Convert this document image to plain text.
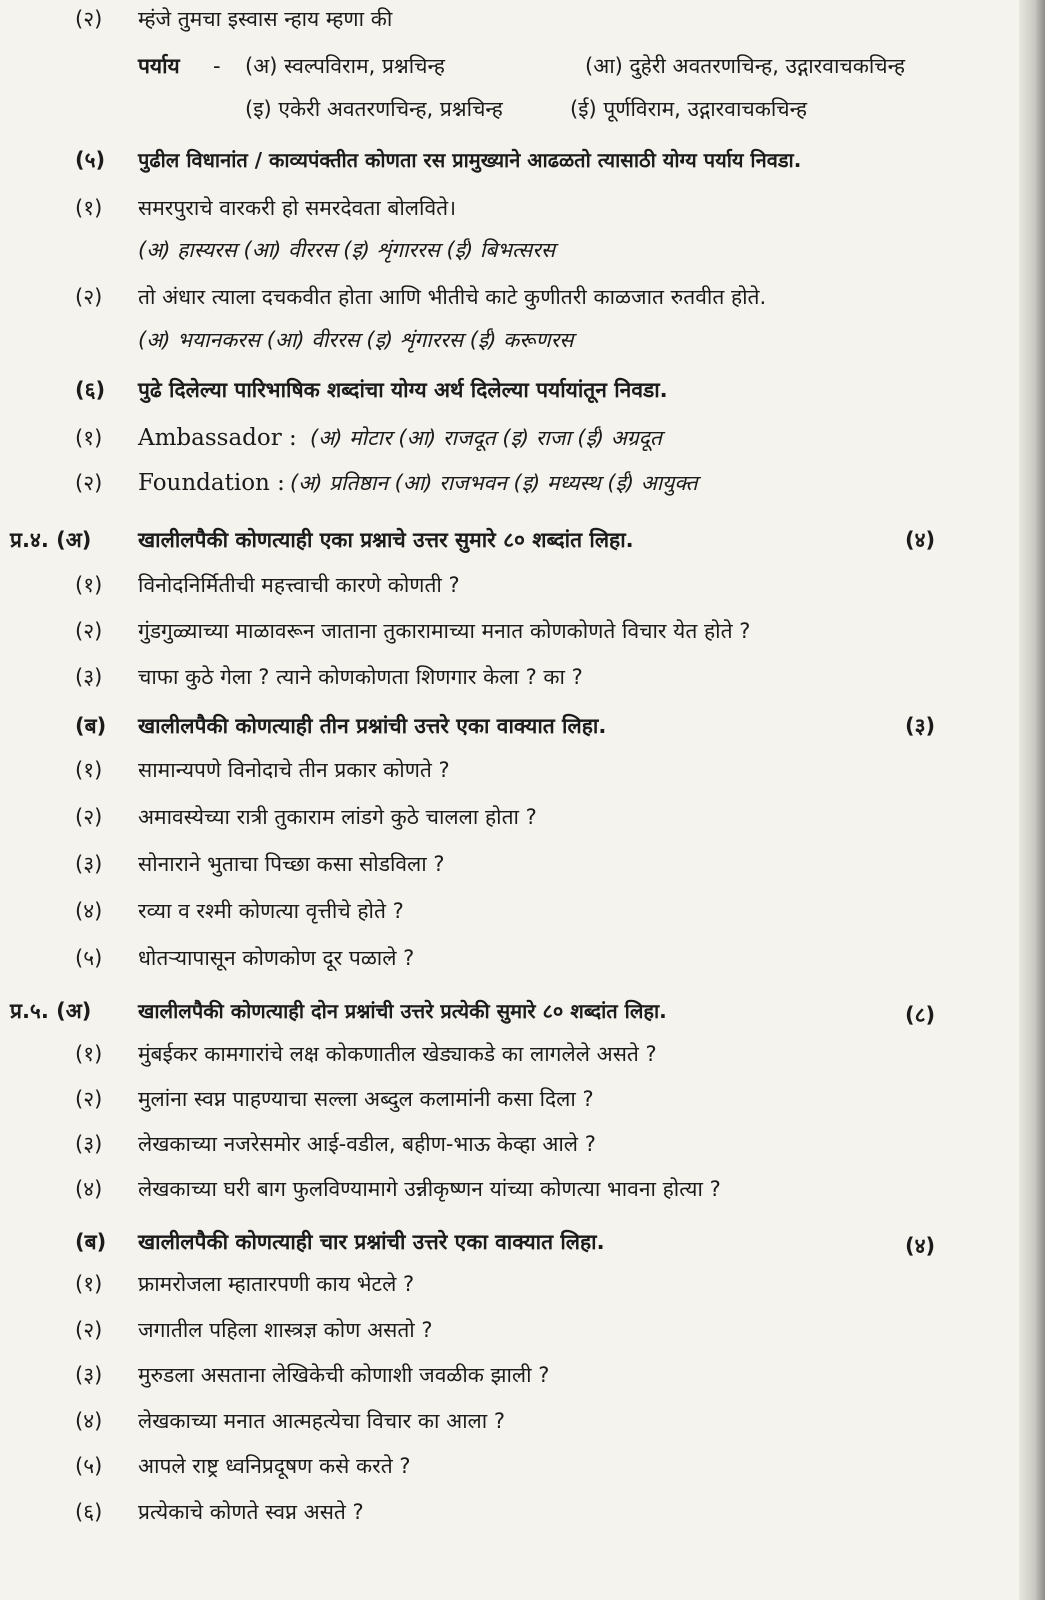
(२)	म्हंजे तुमचा इस्वास न्हाय म्हणा की
पर्याय - (अ) स्वल्पविराम, प्रश्नचिन्ह	(आ) दुहेरी अवतरणचिन्ह, उद्गारवाचकचिन्ह
(इ) एकेरी अवतरणचिन्ह, प्रश्नचिन्ह	(ई) पूर्णविराम, उद्गारवाचकचिन्ह
(५)	पुढील विधानांत / काव्यपंक्तीत कोणता रस प्रामुख्याने आढळतो त्यासाठी योग्य पर्याय निवडा.
(१)	समरपुराचे वारकरी हो समरदेवता बोलविते।
(अ) हास्यरस (आ) वीररस (इ) शृंगाररस (ई) बिभत्सरस
(२)	तो अंधार त्याला दचकवीत होता आणि भीतीचे काटे कुणीतरी काळजात रुतवीत होते.
(अ) भयानकरस (आ) वीररस (इ) शृंगाररस (ई) करूणरस
(६)	पुढे दिलेल्या पारिभाषिक शब्दांचा योग्य अर्थ दिलेल्या पर्यायांतून निवडा.
(१)	Ambassador : (अ) मोटार (आ) राजदूत (इ) राजा (ई) अग्रदूत
(२)	Foundation : (अ) प्रतिष्ठान (आ) राजभवन (इ) मध्यस्थ (ई) आयुक्त
प्र.४. (अ) खालीलपैकी कोणत्याही एका प्रश्नाचे उत्तर सुमारे ८० शब्दांत लिहा.	(४)
(१)	विनोदनिर्मितीची महत्त्वाची कारणे कोणती ?
(२)	गुंडगुळ्याच्या माळावरून जाताना तुकारामाच्या मनात कोणकोणते विचार येत होते ?
(३)	चाफा कुठे गेला ? त्याने कोणकोणता शिणगार केला ? का ?
(ब)	खालीलपैकी कोणत्याही तीन प्रश्नांची उत्तरे एका वाक्यात लिहा.	(३)
(१)	सामान्यपणे विनोदाचे तीन प्रकार कोणते ?
(२)	अमावस्येच्या रात्री तुकाराम लांडगे कुठे चालला होता ?
(३)	सोनाराने भुताचा पिच्छा कसा सोडविला ?
(४)	रव्या व रश्मी कोणत्या वृत्तीचे होते ?
(५)	धोतऱ्यापासून कोणकोण दूर पळाले ?
प्र.५. (अ) खालीलपैकी कोणत्याही दोन प्रश्नांची उत्तरे प्रत्येकी सुमारे ८० शब्दांत लिहा.	(८)
(१)	मुंबईकर कामगारांचे लक्ष कोकणातील खेड्याकडे का लागलेले असते ?
(२)	मुलांना स्वप्न पाहण्याचा सल्ला अब्दुल कलामांनी कसा दिला ?
(३)	लेखकाच्या नजरेसमोर आई-वडील, बहीण-भाऊ केव्हा आले ?
(४)	लेखकाच्या घरी बाग फुलविण्यामागे उन्नीकृष्णन यांच्या कोणत्या भावना होत्या ?
(ब)	खालीलपैकी कोणत्याही चार प्रश्नांची उत्तरे एका वाक्यात लिहा.	(४)
(१)	फ्रामरोजला म्हातारपणी काय भेटले ?
(२)	जगातील पहिला शास्त्रज्ञ कोण असतो ?
(३)	मुरुडला असताना लेखिकेची कोणाशी जवळीक झाली ?
(४)	लेखकाच्या मनात आत्महत्येचा विचार का आला ?
(५)	आपले राष्ट्र ध्वनिप्रदूषण कसे करते ?
(६)	प्रत्येकाचे कोणते स्वप्न असते ?
